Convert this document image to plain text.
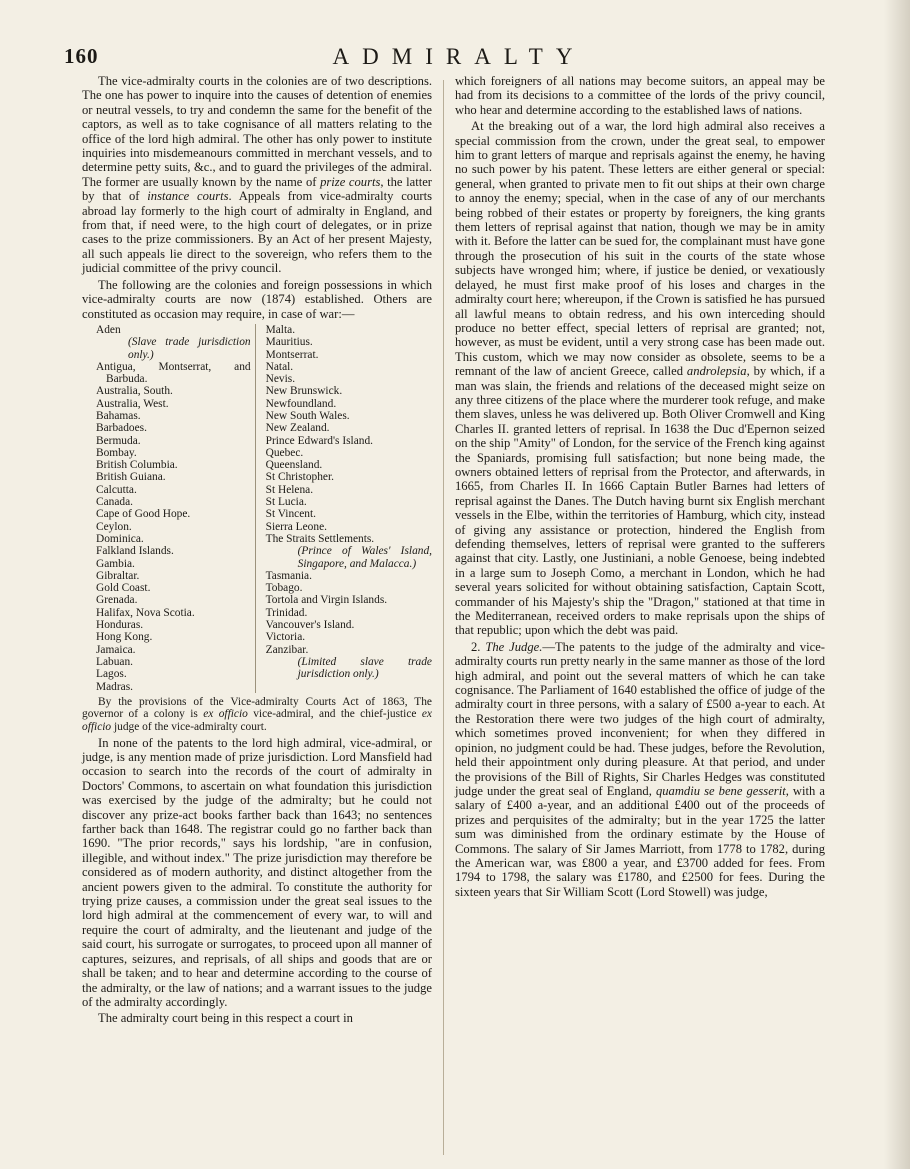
ADMIRALTY
160

The vice-admiralty courts in the colonies are of two descriptions. The one has power to inquire into the causes of detention of enemies or neutral vessels, to try and condemn the same for the benefit of the captors, as well as to take cognisance of all matters relating to the office of the lord high admiral. The other has only power to institute inquiries into misdemeanours committed in merchant vessels, and to determine petty suits, &c., and to guard the privileges of the admiral. The former are usually known by the name of prize courts, the latter by that of instance courts. Appeals from vice-admiralty courts abroad lay formerly to the high court of admiralty in England, and from that, if need were, to the high court of delegates, or in prize cases to the prize commissioners. By an Act of her present Majesty, all such appeals lie direct to the sovereign, who refers them to the judicial committee of the privy council.

The following are the colonies and foreign possessions in which vice-admiralty courts are now (1874) established. Others are constituted as occasion may require, in case of war:—

Aden
(Slave trade jurisdiction only.)
Antigua, Montserrat, and Barbuda.
Australia, South.
Australia, West.
Bahamas.
Barbadoes.
Bermuda.
Bombay.
British Columbia.
British Guiana.
Calcutta.
Canada.
Cape of Good Hope.
Ceylon.
Dominica.
Falkland Islands.
Gambia.
Gibraltar.
Gold Coast.
Grenada.
Halifax, Nova Scotia.
Honduras.
Hong Kong.
Jamaica.
Labuan.
Lagos.
Madras.
Malta.
Mauritius.
Montserrat.
Natal.
Nevis.
New Brunswick.
Newfoundland.
New South Wales.
New Zealand.
Prince Edward's Island.
Quebec.
Queensland.
St Christopher.
St Helena.
St Lucia.
St Vincent.
Sierra Leone.
The Straits Settlements.
(Prince of Wales' Island, Singapore, and Malacca.)
Tasmania.
Tobago.
Tortola and Virgin Islands.
Trinidad.
Vancouver's Island.
Victoria.
Zanzibar.
(Limited slave trade jurisdiction only.)

By the provisions of the Vice-admiralty Courts Act of 1863, The governor of a colony is ex officio vice-admiral, and the chief-justice ex officio judge of the vice-admiralty court.

In none of the patents to the lord high admiral, vice-admiral, or judge, is any mention made of prize jurisdiction. Lord Mansfield had occasion to search into the records of the court of admiralty in Doctors' Commons, to ascertain on what foundation this jurisdiction was exercised by the judge of the admiralty; but he could not discover any prize-act books farther back than 1643; no sentences farther back than 1648. The registrar could go no farther back than 1690. "The prior records," says his lordship, "are in confusion, illegible, and without index." The prize jurisdiction may therefore be considered as of modern authority, and distinct altogether from the ancient powers given to the admiral. To constitute the authority for trying prize causes, a commission under the great seal issues to the lord high admiral at the commencement of every war, to will and require the court of admiralty, and the lieutenant and judge of the said court, his surrogate or surrogates, to proceed upon all manner of captures, seizures, and reprisals, of all ships and goods that are or shall be taken; and to hear and determine according to the course of the admiralty, or the law of nations; and a warrant issues to the judge of the admiralty accordingly.

The admiralty court being in this respect a court in

which foreigners of all nations may become suitors, an appeal may be had from its decisions to a committee of the lords of the privy council, who hear and determine according to the established laws of nations.

At the breaking out of a war, the lord high admiral also receives a special commission from the crown, under the great seal, to empower him to grant letters of marque and reprisals against the enemy, he having no such power by his patent. These letters are either general or special: general, when granted to private men to fit out ships at their own charge to annoy the enemy; special, when in the case of any of our merchants being robbed of their estates or property by foreigners, the king grants them letters of reprisal against that nation, though we may be in amity with it. Before the latter can be sued for, the complainant must have gone through the prosecution of his suit in the courts of the state whose subjects have wronged him; where, if justice be denied, or vexatiously delayed, he must first make proof of his loses and charges in the admiralty court here; whereupon, if the Crown is satisfied he has pursued all lawful means to obtain redress, and his own interceding should produce no better effect, special letters of reprisal are granted; not, however, as must be evident, until a very strong case has been made out. This custom, which we may now consider as obsolete, seems to be a remnant of the law of ancient Greece, called androlepsia, by which, if a man was slain, the friends and relations of the deceased might seize on any three citizens of the place where the murderer took refuge, and make them slaves, unless he was delivered up. Both Oliver Cromwell and King Charles II. granted letters of reprisal. In 1638 the Duc d'Epernon seized on the ship "Amity" of London, for the service of the French king against the Spaniards, promising full satisfaction; but none being made, the owners obtained letters of reprisal from the Protector, and afterwards, in 1665, from Charles II. In 1666 Captain Butler Barnes had letters of reprisal against the Danes. The Dutch having burnt six English merchant vessels in the Elbe, within the territories of Hamburg, which city, instead of giving any assistance or protection, hindered the English from defending themselves, letters of reprisal were granted to the sufferers against that city. Lastly, one Justiniani, a noble Genoese, being indebted in a large sum to Joseph Como, a merchant in London, which he had several years solicited for without obtaining satisfaction, Captain Scott, commander of his Majesty's ship the "Dragon," stationed at that time in the Mediterranean, received orders to make reprisals upon the ships of that republic; upon which the debt was paid.

2. The Judge.—The patents to the judge of the admiralty and vice-admiralty courts run pretty nearly in the same manner as those of the lord high admiral, and point out the several matters of which he can take cognisance. The Parliament of 1640 established the office of judge of the admiralty court in three persons, with a salary of £500 a-year to each. At the Restoration there were two judges of the high court of admiralty, which sometimes proved inconvenient; for when they differed in opinion, no judgment could be had. These judges, before the Revolution, held their appointment only during pleasure. At that period, and under the provisions of the Bill of Rights, Sir Charles Hedges was constituted judge under the great seal of England, quamdiu se bene gesserit, with a salary of £400 a-year, and an additional £400 out of the proceeds of prizes and perquisites of the admiralty; but in the year 1725 the latter sum was diminished from the ordinary estimate by the House of Commons. The salary of Sir James Marriott, from 1778 to 1782, during the American war, was £800 a year, and £3700 added for fees. From 1794 to 1798, the salary was £1780, and £2500 for fees. During the sixteen years that Sir William Scott (Lord Stowell) was judge,
